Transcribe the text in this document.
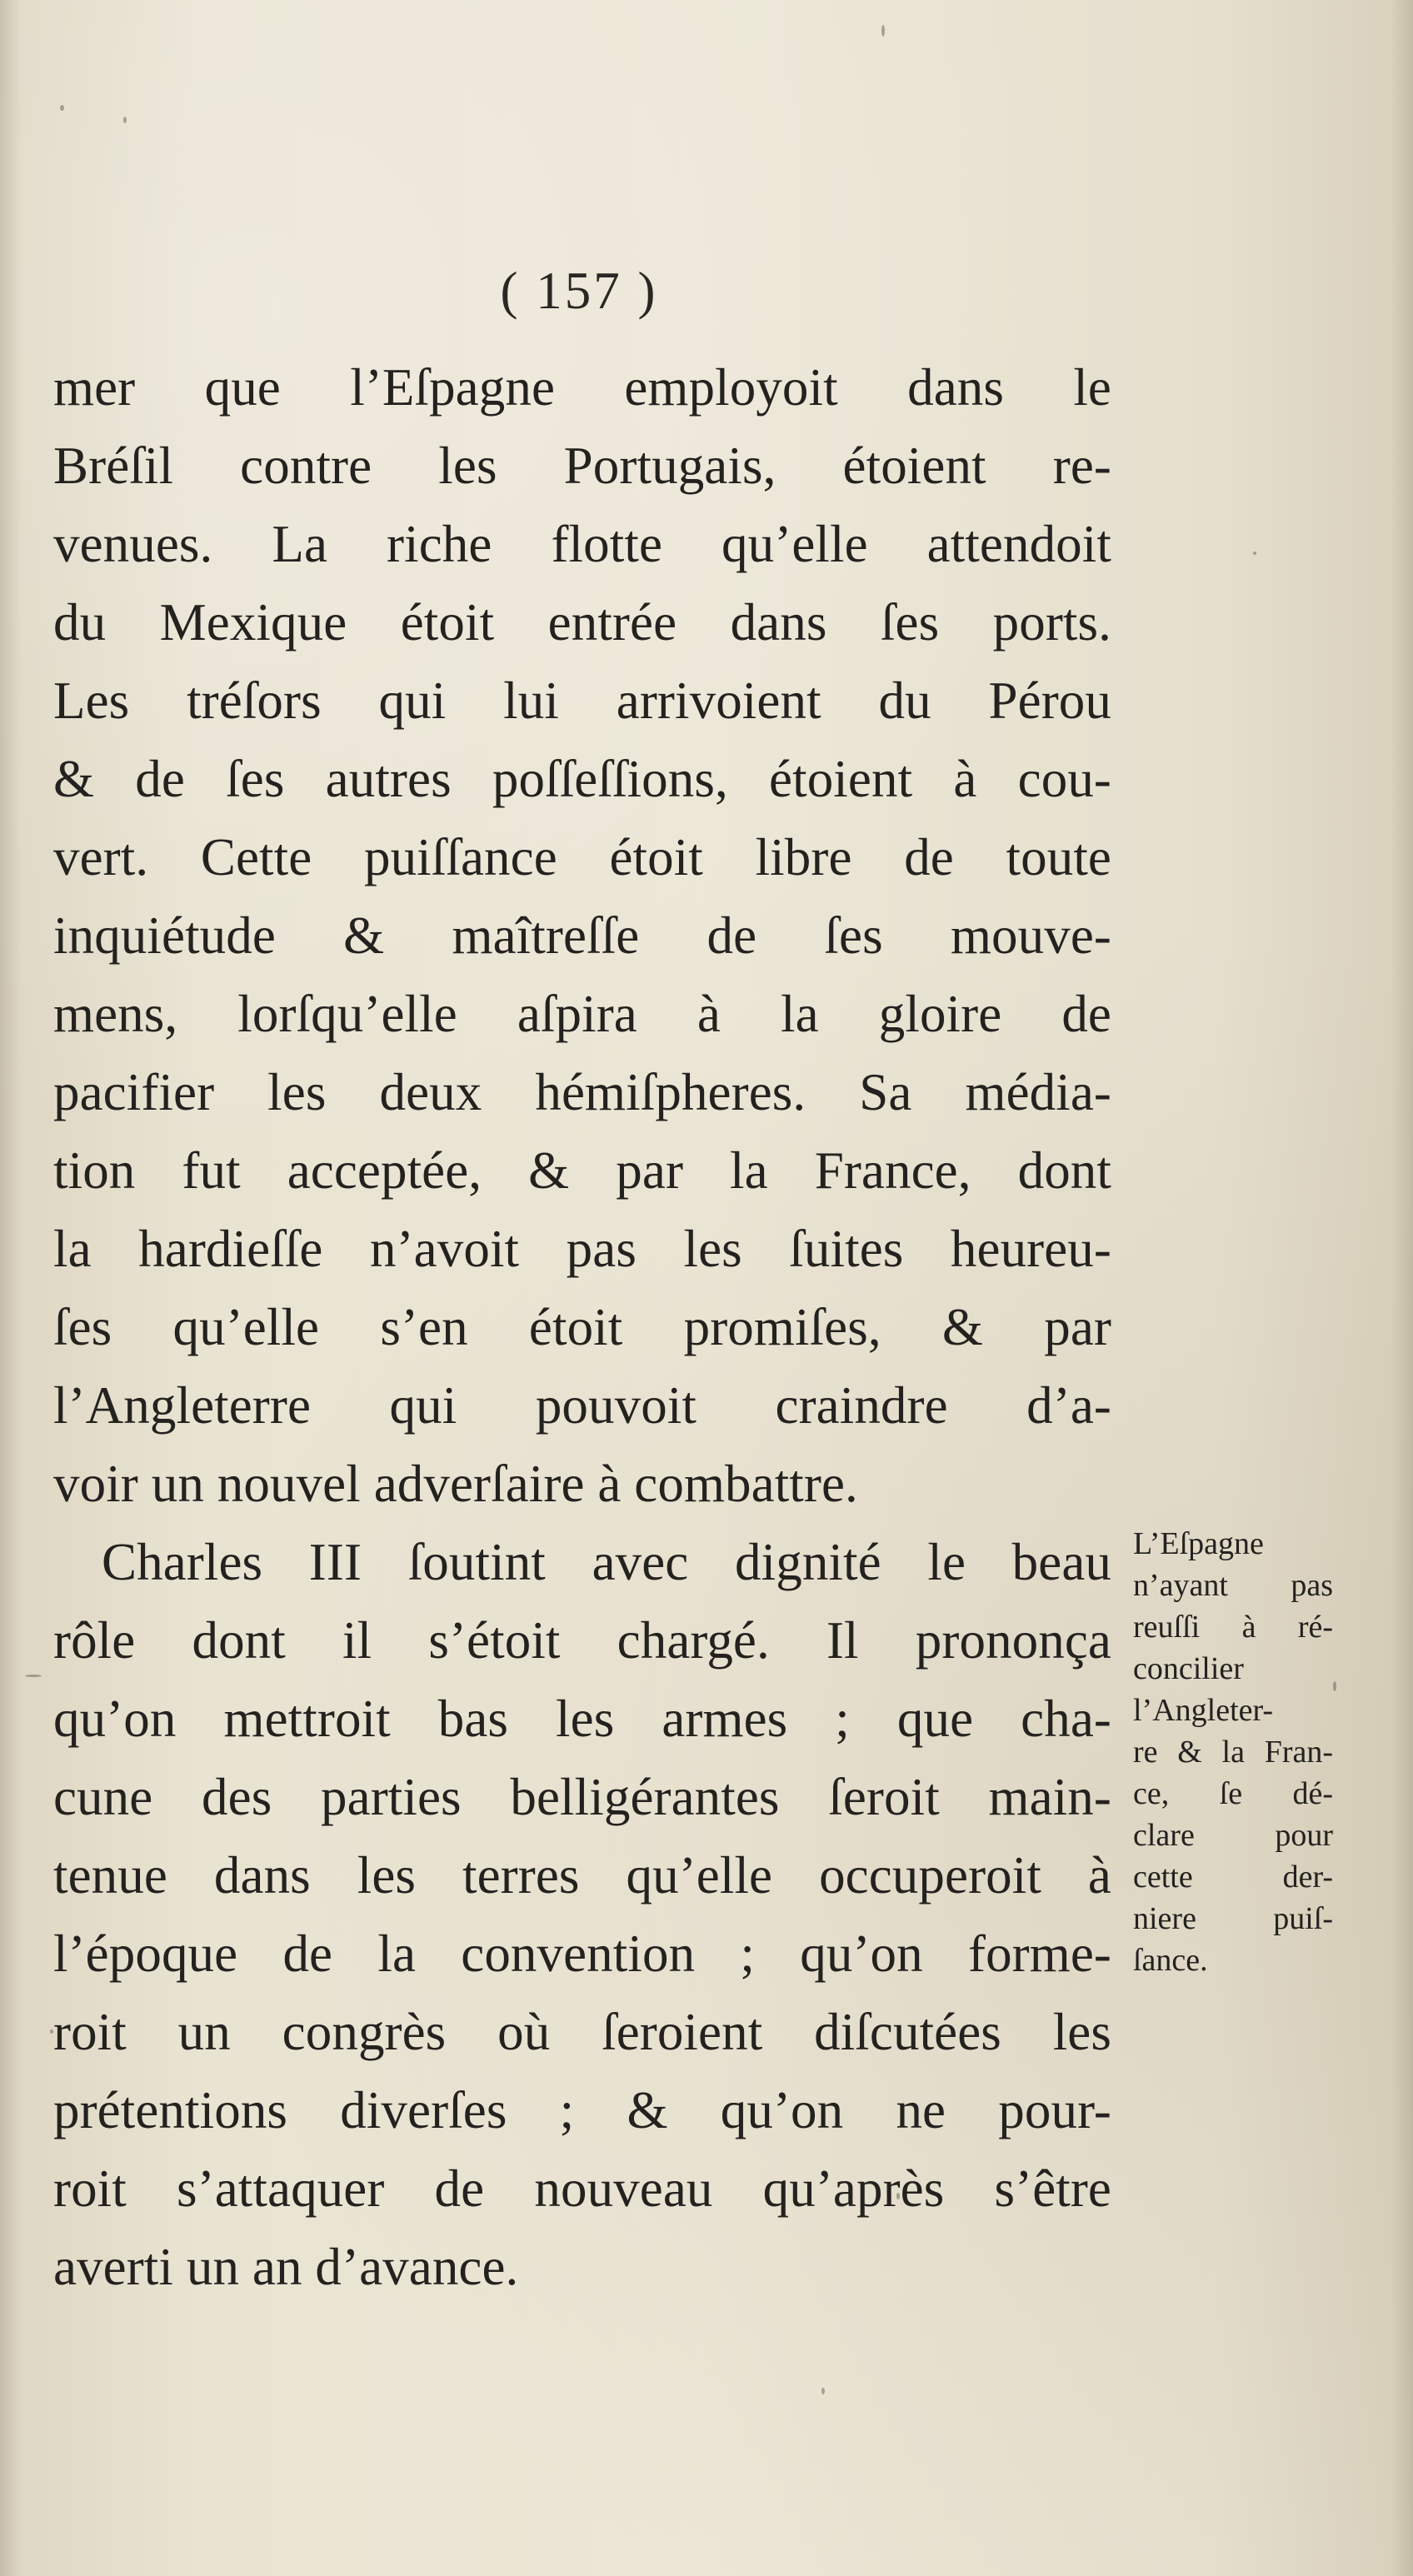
( 157 )
mer que l’Eſpagne employoit dans le
Bréſil contre les Portugais, étoient re-
venues. La riche flotte qu’elle attendoit
du Mexique étoit entrée dans ſes ports.
Les tréſors qui lui arrivoient du Pérou
& de ſes autres poſſeſſions, étoient à cou-
vert. Cette puiſſance étoit libre de toute
inquiétude & maîtreſſe de ſes mouve-
mens, lorſqu’elle aſpira à la gloire de
pacifier les deux hémiſpheres. Sa média-
tion fut acceptée, & par la France, dont
la hardieſſe n’avoit pas les ſuites heureu-
ſes qu’elle s’en étoit promiſes, & par
l’Angleterre qui pouvoit craindre d’a-
voir un nouvel adverſaire à combattre.
Charles III ſoutint avec dignité le beau
rôle dont il s’étoit chargé. Il prononça
qu’on mettroit bas les armes ; que cha-
cune des parties belligérantes ſeroit main-
tenue dans les terres qu’elle occuperoit à
l’époque de la convention ; qu’on forme-
roit un congrès où ſeroient diſcutées les
prétentions diverſes ; & qu’on ne pour-
roit s’attaquer de nouveau qu’après s’être
averti un an d’avance.
L’Eſpagne
n’ayant pas
reuſſi à ré-
concilier
l’Angleter-
re & la Fran-
ce, ſe dé-
clare pour
cette der-
niere puiſ-
ſance.
